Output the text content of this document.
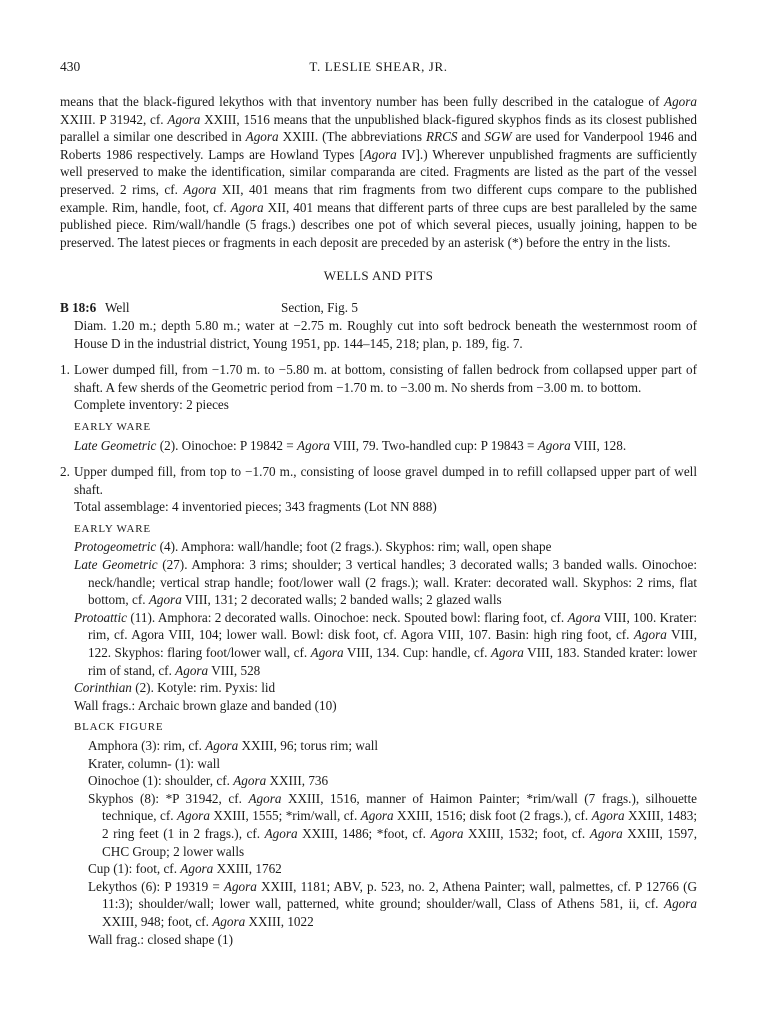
430	T. LESLIE SHEAR, JR.
means that the black-figured lekythos with that inventory number has been fully described in the catalogue of Agora XXIII. P 31942, cf. Agora XXIII, 1516 means that the unpublished black-figured skyphos finds as its closest published parallel a similar one described in Agora XXIII. (The abbreviations RRCS and SGW are used for Vanderpool 1946 and Roberts 1986 respectively. Lamps are Howland Types [Agora IV].) Wherever unpublished fragments are sufficiently well preserved to make the identification, similar comparanda are cited. Fragments are listed as the part of the vessel preserved. 2 rims, cf. Agora XII, 401 means that rim fragments from two different cups compare to the published example. Rim, handle, foot, cf. Agora XII, 401 means that different parts of three cups are best paralleled by the same published piece. Rim/wall/handle (5 frags.) describes one pot of which several pieces, usually joining, happen to be preserved. The latest pieces or fragments in each deposit are preceded by an asterisk (*) before the entry in the lists.
WELLS AND PITS
B 18:6 Well	Section, Fig. 5
Diam. 1.20 m.; depth 5.80 m.; water at −2.75 m. Roughly cut into soft bedrock beneath the westernmost room of House D in the industrial district, Young 1951, pp. 144–145, 218; plan, p. 189, fig. 7.
1. Lower dumped fill, from −1.70 m. to −5.80 m. at bottom, consisting of fallen bedrock from collapsed upper part of shaft. A few sherds of the Geometric period from −1.70 m. to −3.00 m. No sherds from −3.00 m. to bottom.
Complete inventory: 2 pieces
EARLY WARE
Late Geometric (2). Oinochoe: P 19842 = Agora VIII, 79. Two-handled cup: P 19843 = Agora VIII, 128.
2. Upper dumped fill, from top to −1.70 m., consisting of loose gravel dumped in to refill collapsed upper part of well shaft.
Total assemblage: 4 inventoried pieces; 343 fragments (Lot NN 888)
EARLY WARE
Protogeometric (4). Amphora: wall/handle; foot (2 frags.). Skyphos: rim; wall, open shape
Late Geometric (27). Amphora: 3 rims; shoulder; 3 vertical handles; 3 decorated walls; 3 banded walls. Oinochoe: neck/handle; vertical strap handle; foot/lower wall (2 frags.); wall. Krater: decorated wall. Skyphos: 2 rims, flat bottom, cf. Agora VIII, 131; 2 decorated walls; 2 banded walls; 2 glazed walls
Protoattic (11). Amphora: 2 decorated walls. Oinochoe: neck. Spouted bowl: flaring foot, cf. Agora VIII, 100. Krater: rim, cf. Agora VIII, 104; lower wall. Bowl: disk foot, cf. Agora VIII, 107. Basin: high ring foot, cf. Agora VIII, 122. Skyphos: flaring foot/lower wall, cf. Agora VIII, 134. Cup: handle, cf. Agora VIII, 183. Standed krater: lower rim of stand, cf. Agora VIII, 528
Corinthian (2). Kotyle: rim. Pyxis: lid
Wall frags.: Archaic brown glaze and banded (10)
BLACK FIGURE
Amphora (3): rim, cf. Agora XXIII, 96; torus rim; wall
Krater, column- (1): wall
Oinochoe (1): shoulder, cf. Agora XXIII, 736
Skyphos (8): *P 31942, cf. Agora XXIII, 1516, manner of Haimon Painter; *rim/wall (7 frags.), silhouette technique, cf. Agora XXIII, 1555; *rim/wall, cf. Agora XXIII, 1516; disk foot (2 frags.), cf. Agora XXIII, 1483; 2 ring feet (1 in 2 frags.), cf. Agora XXIII, 1486; *foot, cf. Agora XXIII, 1532; foot, cf. Agora XXIII, 1597, CHC Group; 2 lower walls
Cup (1): foot, cf. Agora XXIII, 1762
Lekythos (6): P 19319 = Agora XXIII, 1181; ABV, p. 523, no. 2, Athena Painter; wall, palmettes, cf. P 12766 (G 11:3); shoulder/wall; lower wall, patterned, white ground; shoulder/wall, Class of Athens 581, ii, cf. Agora XXIII, 948; foot, cf. Agora XXIII, 1022
Wall frag.: closed shape (1)
